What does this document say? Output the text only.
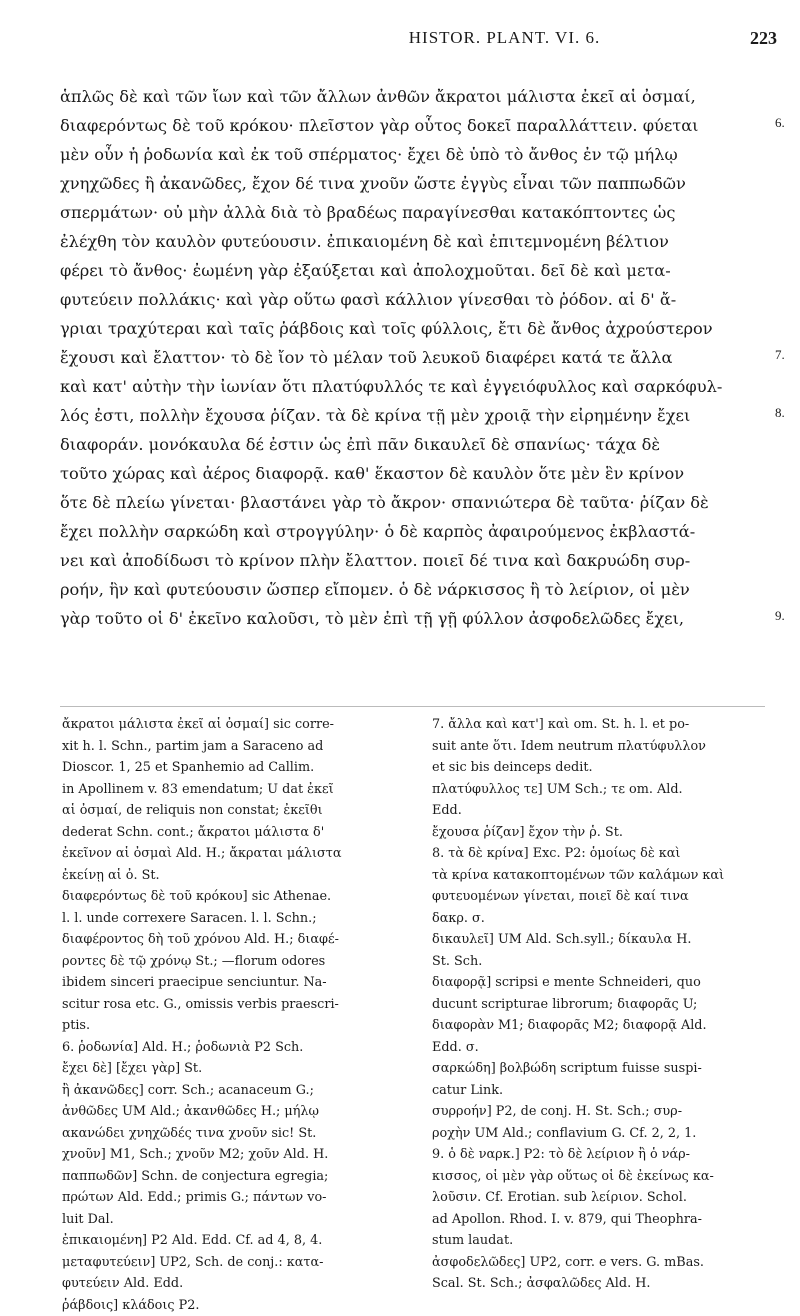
HISTOR. PLANT. VI. 6.	223
ἁπλῶς δὲ καὶ τῶν ἴων καὶ τῶν ἄλλων ἀνθῶν ἄκρατοι μάλιστα ἐκεῖ αἱ ὀσμαί,
διαφερόντως δὲ τοῦ κρόκου· πλεῖστον γὰρ οὗτος δοκεῖ παραλλάττειν. φύεται
μὲν οὖν ἡ ῥοδωνία καὶ ἐκ τοῦ σπέρματος· ἔχει δὲ ὑπὸ τὸ ἄνθος ἐν τῷ μήλῳ
χνηχῶδες ἢ ἀκανῶδες, ἔχον δέ τινα χνοῦν ὥστε ἐγγὺς εἶναι τῶν παππωδῶν
σπερμάτων· οὐ μὴν ἀλλὰ διὰ τὸ βραδέως παραγίνεσθαι κατακόπτοντες ὡς
ἐλέχθη τὸν καυλὸν φυτεύουσιν. ἐπικαιομένη δὲ καὶ ἐπιτεμνομένη βέλτιον
φέρει τὸ ἄνθος· ἐωμένη γὰρ ἐξαύξεται καὶ ἀπολοχμοῦται. δεῖ δὲ καὶ μετα-
φυτεύειν πολλάκις· καὶ γὰρ οὕτω φασὶ κάλλιον γίνεσθαι τὸ ῥόδον. αἱ δ' ἄ-
γριαι τραχύτεραι καὶ ταῖς ῥάβδοις καὶ τοῖς φύλλοις, ἔτι δὲ ἄνθος ἀχρούστερον
ἔχουσι καὶ ἔλαττον· τὸ δὲ ἴον τὸ μέλαν τοῦ λευκοῦ διαφέρει κατά τε ἄλλα
καὶ κατ' αὐτὴν τὴν ἰωνίαν ὅτι πλατύφυλλός τε καὶ ἐγγειόφυλλος καὶ σαρκόφυλ-
λός ἐστι, πολλὴν ἔχουσα ῥίζαν. τὰ δὲ κρίνα τῇ μὲν χροιᾷ τὴν εἰρημένην ἔχει
διαφοράν. μονόκαυλα δέ ἐστιν ὡς ἐπὶ πᾶν δικαυλεῖ δὲ σπανίως· τάχα δὲ
τοῦτο χώρας καὶ ἀέρος διαφορᾷ. καθ' ἕκαστον δὲ καυλὸν ὅτε μὲν ἓν κρίνον
ὅτε δὲ πλείω γίνεται· βλαστάνει γὰρ τὸ ἄκρον· σπανιώτερα δὲ ταῦτα· ῥίζαν δὲ
ἔχει πολλὴν σαρκώδη καὶ στρογγύλην· ὁ δὲ καρπὸς ἀφαιρούμενος ἐκβλαστά-
νει καὶ ἀποδίδωσι τὸ κρίνον πλὴν ἔλαττον. ποιεῖ δέ τινα καὶ δακρυώδη συρ-
ροήν, ἣν καὶ φυτεύουσιν ὥσπερ εἴπομεν. ὁ δὲ νάρκισσος ἢ τὸ λείριον, οἱ μὲν
γὰρ τοῦτο οἱ δ' ἐκεῖνο καλοῦσι, τὸ μὲν ἐπὶ τῇ γῇ φύλλον ἀσφοδελῶδες ἔχει,
6.
7.
8.
9.
ἄκρατοι μάλιστα ἐκεῖ αἱ ὀσμαί] sic corre-
xit h. l. Schn., partim jam a Saraceno ad
Dioscor. 1, 25 et Spanhemio ad Callim.
in Apollinem v. 83 emendatum; U dat ἐκεῖ
αἱ ὀσμαί, de reliquis non constat; ἐκεῖθι
dederat Schn. cont.; ἄκρατοι μάλιστα δ'
ἐκεῖνον αἱ ὀσμαὶ Ald. H.; ἄκραται μάλιστα
ἐκείνῃ αἱ ὀ. St.
διαφερόντως δὲ τοῦ κρόκου] sic Athenae.
l. l. unde correxere Saracen. l. l. Schn.;
διαφέροντος δὴ τοῦ χρόνου Ald. H.; διαφέ-
ροντες δὲ τῷ χρόνῳ St.; —florum odores
ibidem sinceri praecipue senciuntur. Na-
scitur rosa etc. G., omissis verbis praescri-
ptis.
6. ῥοδωνία] Ald. H.; ῥοδωνιὰ P2 Sch.
ἔχει δὲ] [ἔχει γὰρ] St.
ἢ ἀκανῶδες] corr. Sch.; acanaceum G.;
ἀνθῶδες UM Ald.; ἀκανθῶδες H.; μήλῳ
ακανώδει χνηχῶδές τινα χνοῦν sic! St.
χνοῦν] M1, Sch.; χνοῦν M2; χοῦν Ald. H.
παππωδῶν] Schn. de conjectura egregia;
πρώτων Ald. Edd.; primis G.; πάντων vo-
luit Dal.
ἐπικαιομένη] P2 Ald. Edd. Cf. ad 4, 8, 4.
μεταφυτεύειν] UP2, Sch. de conj.: κατα-
φυτεύειν Ald. Edd.
ῥάβδοις] κλάδοις P2.
7. ἄλλα καὶ κατ'] καὶ om. St. h. l. et po-
suit ante ὅτι. Idem neutrum πλατύφυλλον
et sic bis deinceps dedit.
πλατύφυλλος τε] UM Sch.; τε om. Ald.
Edd.
ἔχουσα ῥίζαν] ἔχον τὴν ῥ. St.
8. τὰ δὲ κρίνα] Exc. P2: ὁμοίως δὲ καὶ
τὰ κρίνα κατακοπτομένων τῶν καλάμων καὶ
φυτευομένων γίνεται, ποιεῖ δὲ καί τινα
δακρ. σ.
δικαυλεῖ] UM Ald. Sch.syll.; δίκαυλα H.
St. Sch.
διαφορᾷ] scripsi e mente Schneideri, quo
ducunt scripturae librorum; διαφορᾶς U;
διαφορὰν M1; διαφορᾶς M2; διαφορᾷ Ald.
Edd. σ.
σαρκώδη] βολβώδη scriptum fuisse suspi-
catur Link.
συρροήν] P2, de conj. H. St. Sch.; συρ-
ροχὴν UM Ald.; conflavium G. Cf. 2, 2, 1.
9. ὁ δὲ ναρκ.] P2: τὸ δὲ λείριον ἢ ὁ νάρ-
κισσος, οἱ μὲν γὰρ οὕτως οἱ δὲ ἐκείνως κα-
λοῦσιν. Cf. Erotian. sub λείριον. Schol.
ad Apollon. Rhod. I. v. 879, qui Theophra-
stum laudat.
ἀσφοδελῶδες] UP2, corr. e vers. G. mBas.
Scal. St. Sch.; ἀσφαλῶδες Ald. H.
